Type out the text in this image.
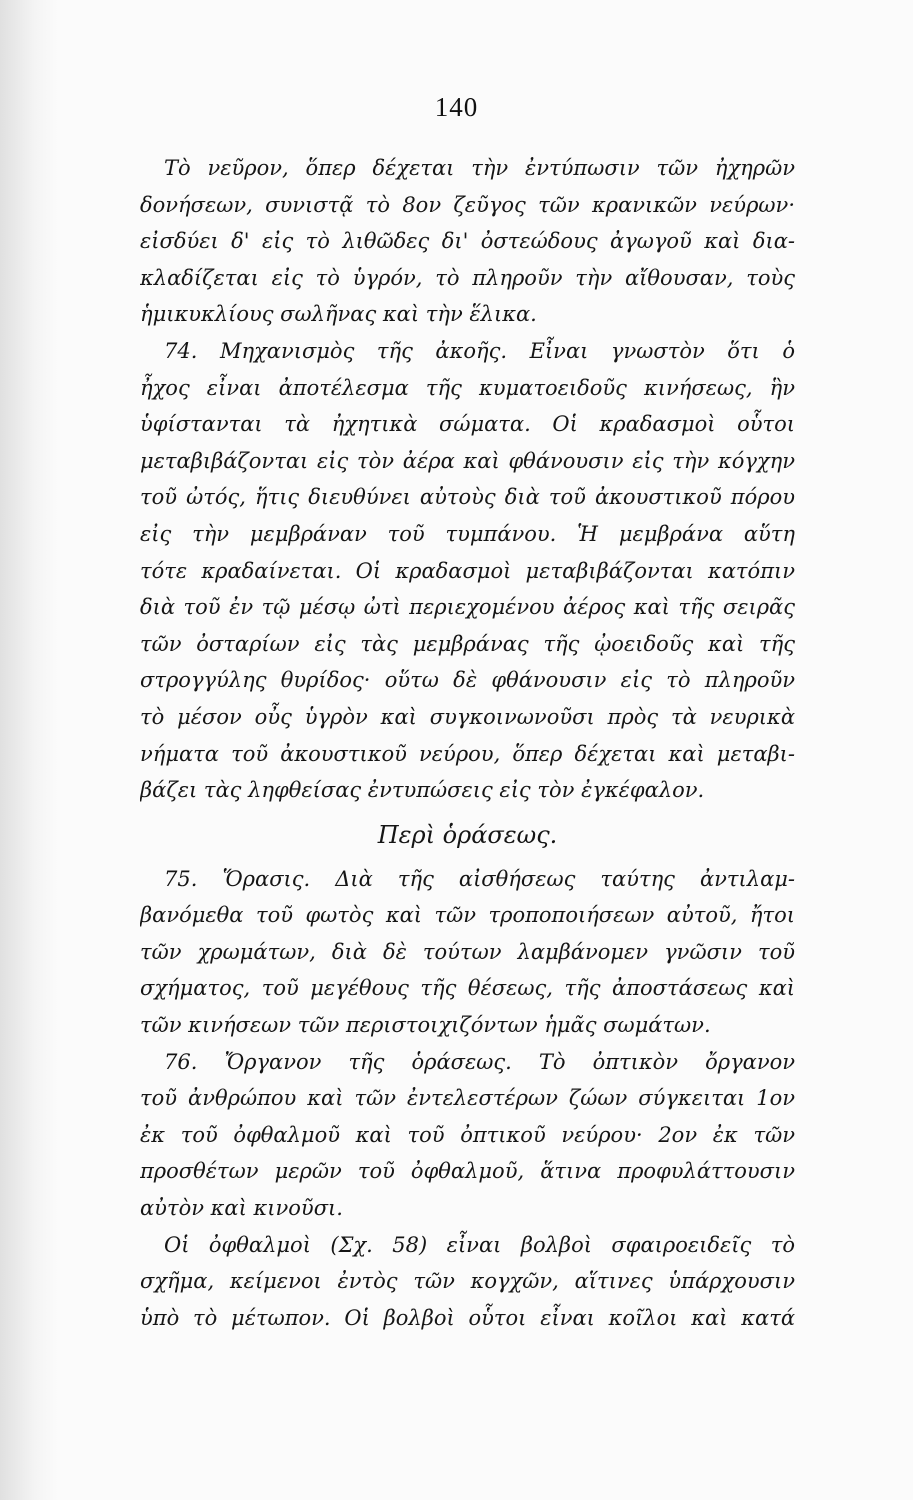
140
Τὸ νεῦρον, ὅπερ δέχεται τὴν ἐντύπωσιν τῶν ἠχηρῶν
δονήσεων, συνιστᾷ τὸ 8ον ζεῦγος τῶν κρανικῶν νεύρων·
εἰσδύει δ' εἰς τὸ λιθῶδες δι' ὀστεώδους ἀγωγοῦ καὶ δια-
κλαδίζεται εἰς τὸ ὑγρόν, τὸ πληροῦν τὴν αἴθουσαν, τοὺς
ἡμικυκλίους σωλῆνας καὶ τὴν ἕλικα.
74. Μηχανισμὸς τῆς ἀκοῆς. Εἶναι γνωστὸν ὅτι ὁ
ἦχος εἶναι ἀποτέλεσμα τῆς κυματοειδοῦς κινήσεως, ἣν
ὑφίστανται τὰ ἠχητικὰ σώματα. Οἱ κραδασμοὶ οὗτοι
μεταβιβάζονται εἰς τὸν ἀέρα καὶ φθάνουσιν εἰς τὴν κόγχην
τοῦ ὠτός, ἥτις διευθύνει αὐτοὺς διὰ τοῦ ἀκουστικοῦ πόρου
εἰς τὴν μεμβράναν τοῦ τυμπάνου. Ἡ μεμβράνα αὕτη
τότε κραδαίνεται. Οἱ κραδασμοὶ μεταβιβάζονται κατόπιν
διὰ τοῦ ἐν τῷ μέσῳ ὠτὶ περιεχομένου ἀέρος καὶ τῆς σειρᾶς
τῶν ὀσταρίων εἰς τὰς μεμβράνας τῆς ᾠοειδοῦς καὶ τῆς
στρογγύλης θυρίδος· οὕτω δὲ φθάνουσιν εἰς τὸ πληροῦν
τὸ μέσον οὖς ὑγρὸν καὶ συγκοινωνοῦσι πρὸς τὰ νευρικὰ
νήματα τοῦ ἀκουστικοῦ νεύρου, ὅπερ δέχεται καὶ μεταβι-
βάζει τὰς ληφθείσας ἐντυπώσεις εἰς τὸν ἐγκέφαλον.
Περὶ ὁράσεως.
75. Ὅρασις. Διὰ τῆς αἰσθήσεως ταύτης ἀντιλαμ-
βανόμεθα τοῦ φωτὸς καὶ τῶν τροποποιήσεων αὐτοῦ, ἤτοι
τῶν χρωμάτων, διὰ δὲ τούτων λαμβάνομεν γνῶσιν τοῦ
σχήματος, τοῦ μεγέθους τῆς θέσεως, τῆς ἀποστάσεως καὶ
τῶν κινήσεων τῶν περιστοιχιζόντων ἡμᾶς σωμάτων.
76. Ὄργανον τῆς ὁράσεως. Τὸ ὀπτικὸν ὄργανον
τοῦ ἀνθρώπου καὶ τῶν ἐντελεστέρων ζώων σύγκειται 1ον
ἐκ τοῦ ὀφθαλμοῦ καὶ τοῦ ὀπτικοῦ νεύρου· 2ον ἐκ τῶν
προσθέτων μερῶν τοῦ ὀφθαλμοῦ, ἅτινα προφυλάττουσιν
αὐτὸν καὶ κινοῦσι.
Οἱ ὀφθαλμοὶ (Σχ. 58) εἶναι βολβοὶ σφαιροειδεῖς τὸ
σχῆμα, κείμενοι ἐντὸς τῶν κογχῶν, αἵτινες ὑπάρχουσιν
ὑπὸ τὸ μέτωπον. Οἱ βολβοὶ οὗτοι εἶναι κοῖλοι καὶ κατά
